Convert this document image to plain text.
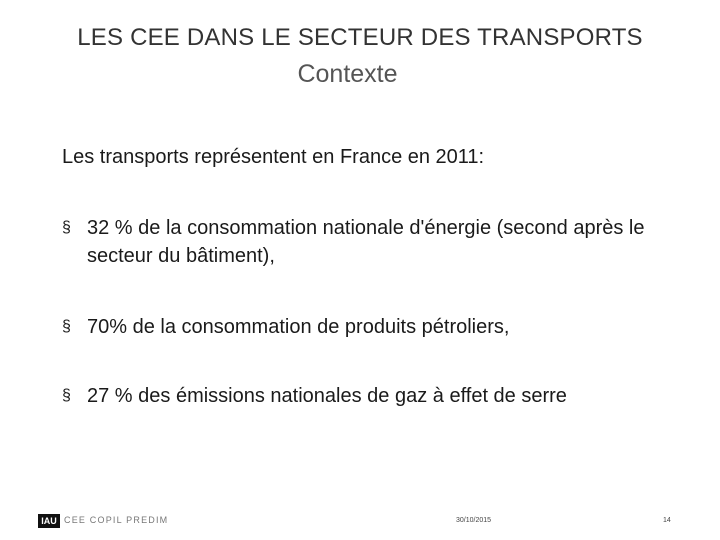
LES CEE DANS LE SECTEUR DES TRANSPORTS
Contexte
Les transports représentent en France en 2011:
§ 32 % de la consommation nationale d'énergie (second après le secteur du bâtiment),
§ 70% de la consommation de produits pétroliers,
§ 27 % des émissions nationales de gaz à effet de serre
IAU CEE COPIL PREDIM	30/10/2015	14
